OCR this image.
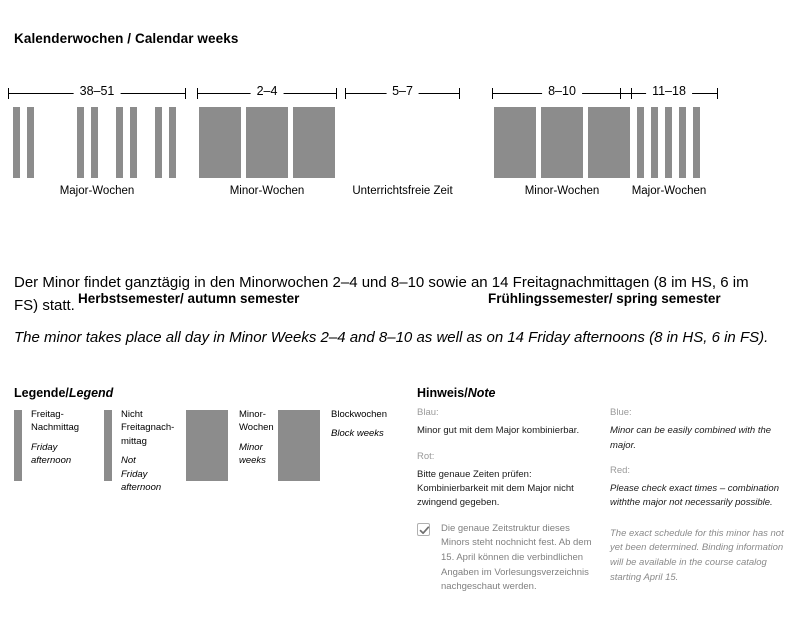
Kalenderwochen / Calendar weeks
38–51
Major-Wochen
2–4
Minor-Wochen
5–7
Unterrichtsfreie Zeit
8–10
Minor-Wochen
11–18
Major-Wochen
Herbstsemester/ autumn semester	Frühlingssemester/ spring semester
Der Minor findet ganztägig in den Minorwochen 2–4 und 8–10 sowie an 14 Freitagnachmittagen (8 im HS, 6 im FS) statt.
The minor takes place all day in Minor Weeks 2–4 and 8–10 as well as on 14 Friday afternoons (8 in HS, 6 in FS).
Legende/Legend
Freitag-
Nachmittag
Friday
afternoon
Nicht
Freitagnach-
mittag
Not
Friday
afternoon
Minor-
Wochen
Minor
weeks
Blockwochen
Block weeks
Hinweis/Note
Blau:
Minor gut mit dem Major kombinierbar.
Rot:
Bitte genaue Zeiten prüfen: Kombinierbarkeit mit dem Major nicht zwingend gegeben.
Die genaue Zeitstruktur dieses Minors steht nochnicht fest. Ab dem 15. April können die verbindlichen Angaben im Vorlesungsverzeichnis nachgeschaut werden.
Blue:
Minor can be easily combined with the major.
Red:
Please check exact times – combination withthe major not necessarily possible.
The exact schedule for this minor has not yet been determined. Binding information will be available in the course catalog starting April 15.
